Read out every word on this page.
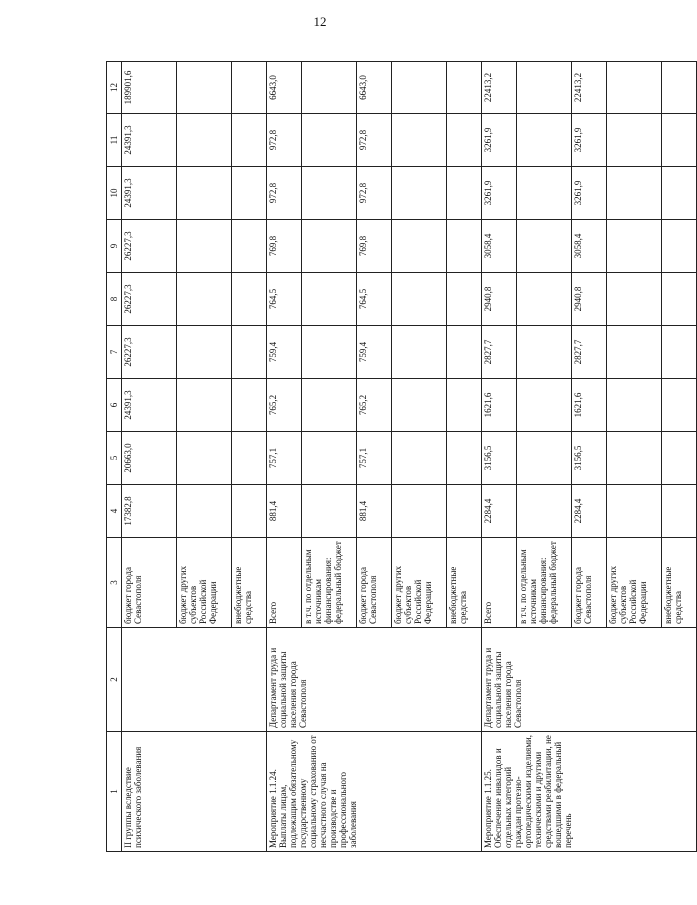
12
1	2	3	4	5	6	7	8	9	10	11	12
II группы вследствие психического заболевания		бюджет города Севастополя	17382,8	20663,0	24391,3	26227,3	26227,3	26227,3	24391,3	24391,3	189901,6
		бюджет других субъектов Российской Федерации									
		внебюджетные средства									
Мероприятие 1.1.24. Выплаты лицам, подлежащим обязательному государственному социальному страхованию от несчастного случая на производстве и профессионального заболевания	Департамент труда и социальной защиты населения города Севастополя	Всего	881,4	757,1	765,2	759,4	764,5	769,8	972,8	972,8	6643,0
		в т.ч. по отдельным источникам финансирования: федеральный бюджет									
		бюджет города Севастополя	881,4	757,1	765,2	759,4	764,5	769,8	972,8	972,8	6643,0
		бюджет других субъектов Российской Федерации									
		внебюджетные средства									
Мероприятие 1.1.25. Обеспечение инвалидов и отдельных категорий граждан протезно-ортопедическими изделиями, техническими и другими средствами реабилитации, не вошедшими в федеральный перечень	Департамент труда и социальной защиты населения города Севастополя	Всего	2284,4	3156,5	1621,6	2827,7	2940,8	3058,4	3261,9	3261,9	22413,2
		в т.ч. по отдельным источникам финансирования: федеральный бюджет									
		бюджет города Севастополя	2284,4	3156,5	1621,6	2827,7	2940,8	3058,4	3261,9	3261,9	22413,2
		бюджет других субъектов Российской Федерации									
		внебюджетные средства									
